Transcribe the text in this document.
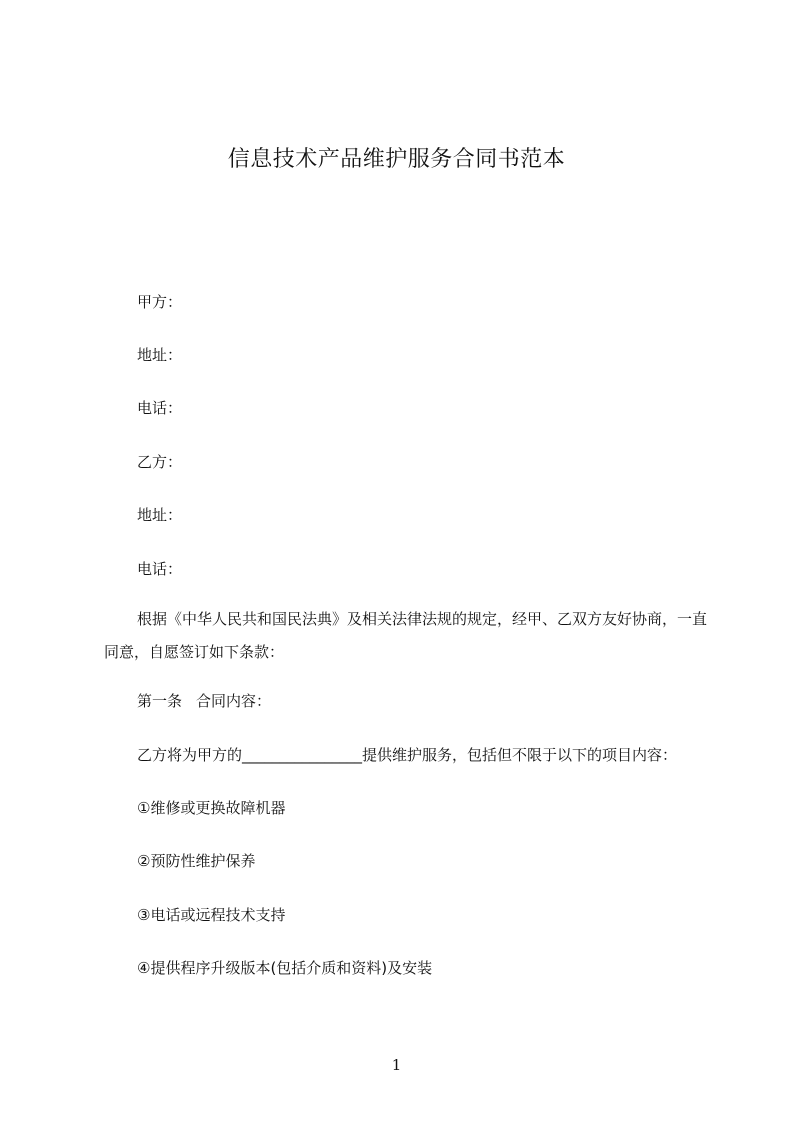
信息技术产品维护服务合同书范本
甲方：
地址：
电话：
乙方：
地址：
电话：
根据《中华人民共和国民法典》及相关法律法规的规定，经甲、乙双方友好协商，一直同意，自愿签订如下条款：
第一条 合同内容：
乙方将为甲方的________________提供维护服务，包括但不限于以下的项目内容：
①维修或更换故障机器
②预防性维护保养
③电话或远程技术支持
④提供程序升级版本(包括介质和资料)及安装
1
